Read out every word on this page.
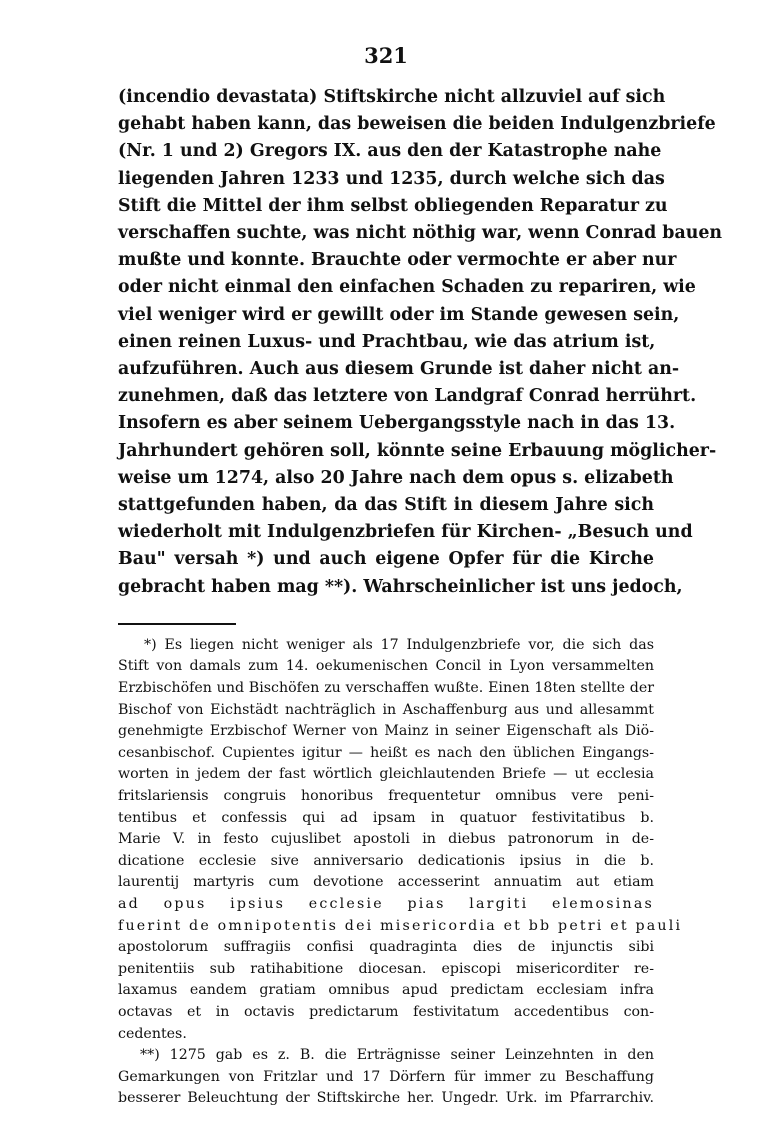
321
(incendio devastata) Stiftskirche nicht allzuviel auf sich
gehabt haben kann, das beweisen die beiden Indulgenzbriefe
(Nr. 1 und 2) Gregors IX. aus den der Katastrophe nahe
liegenden Jahren 1233 und 1235, durch welche sich das
Stift die Mittel der ihm selbst obliegenden Reparatur zu
verschaffen suchte, was nicht nöthig war, wenn Conrad bauen
mußte und konnte. Brauchte oder vermochte er aber nur
oder nicht einmal den einfachen Schaden zu repariren, wie
viel weniger wird er gewillt oder im Stande gewesen sein,
einen reinen Luxus- und Prachtbau, wie das atrium ist,
aufzuführen. Auch aus diesem Grunde ist daher nicht an-
zunehmen, daß das letztere von Landgraf Conrad herrührt.
Insofern es aber seinem Uebergangsstyle nach in das 13.
Jahrhundert gehören soll, könnte seine Erbauung möglicher-
weise um 1274, also 20 Jahre nach dem opus s. elizabeth
stattgefunden haben, da das Stift in diesem Jahre sich
wiederholt mit Indulgenzbriefen für Kirchen- „Besuch und
Bau" versah *) und auch eigene Opfer für die Kirche
gebracht haben mag **). Wahrscheinlicher ist uns jedoch,
*) Es liegen nicht weniger als 17 Indulgenzbriefe vor, die sich das
Stift von damals zum 14. oekumenischen Concil in Lyon versammelten
Erzbischöfen und Bischöfen zu verschaffen wußte. Einen 18ten stellte der
Bischof von Eichstädt nachträglich in Aschaffenburg aus und allesammt
genehmigte Erzbischof Werner von Mainz in seiner Eigenschaft als Diö-
cesanbischof. Cupientes igitur — heißt es nach den üblichen Eingangs-
worten in jedem der fast wörtlich gleichlautenden Briefe — ut ecclesia
fritslariensis congruis honoribus frequentetur omnibus vere peni-
tentibus et confessis qui ad ipsam in quatuor festivitatibus b.
Marie V. in festo cujuslibet apostoli in diebus patronorum in de-
dicatione ecclesie sive anniversario dedicationis ipsius in die b.
laurentij martyris cum devotione accesserint annuatim aut etiam
ad opus ipsius ecclesie pias largiti elemosinas
fuerint de omnipotentis dei misericordia et bb petri et pauli
apostolorum suffragiis confisi quadraginta dies de injunctis sibi
penitentiis sub ratihabitione diocesan. episcopi misericorditer re-
laxamus eandem gratiam omnibus apud predictam ecclesiam infra
octavas et in octavis predictarum festivitatum accedentibus con-
cedentes.
**) 1275 gab es z. B. die Erträgnisse seiner Leinzehnten in den
Gemarkungen von Fritzlar und 17 Dörfern für immer zu Beschaffung
besserer Beleuchtung der Stiftskirche her. Ungedr. Urk. im Pfarrarchiv.
